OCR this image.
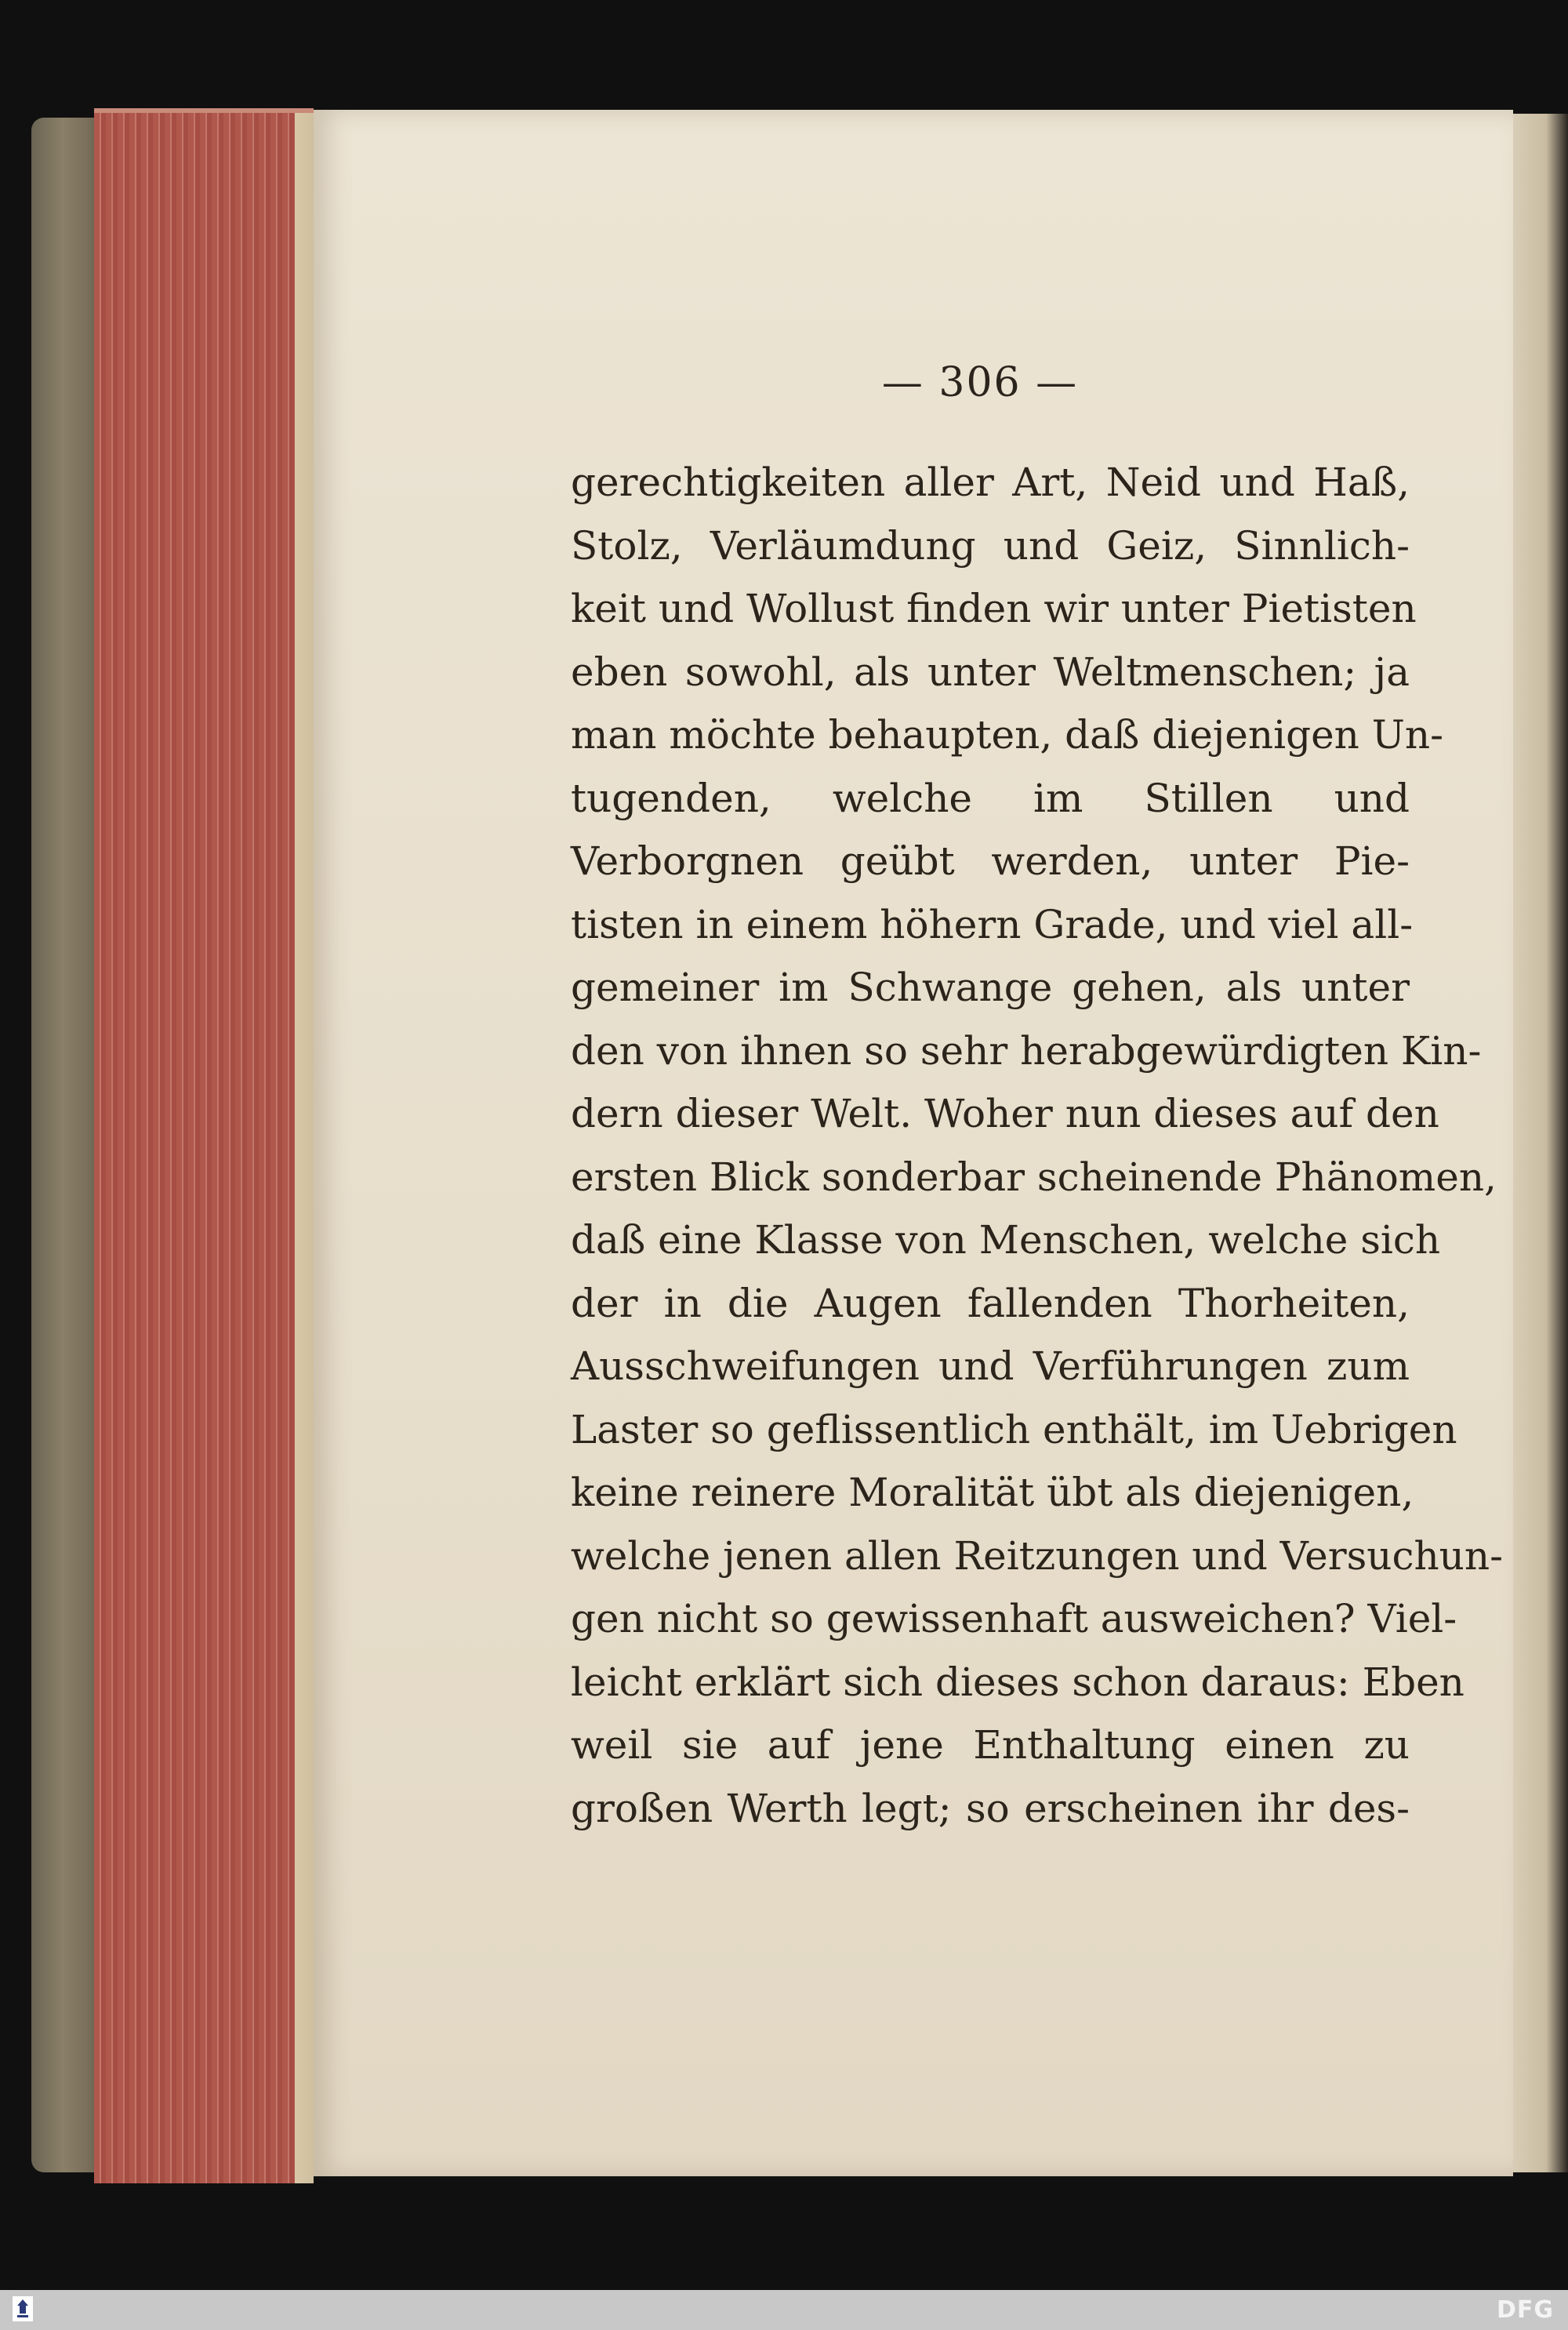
— 306 —
gerechtigkeiten aller Art, Neid und Haß,
Stolz, Verläumdung und Geiz, Sinnlich-
keit und Wollust finden wir unter Pietisten
eben sowohl, als unter Weltmenschen; ja
man möchte behaupten, daß diejenigen Un-
tugenden, welche im Stillen und
Verborgnen geübt werden, unter Pie-
tisten in einem höhern Grade, und viel all-
gemeiner im Schwange gehen, als unter
den von ihnen so sehr herabgewürdigten Kin-
dern dieser Welt. Woher nun dieses auf den
ersten Blick sonderbar scheinende Phänomen,
daß eine Klasse von Menschen, welche sich
der in die Augen fallenden Thorheiten,
Ausschweifungen und Verführungen zum
Laster so geflissentlich enthält, im Uebrigen
keine reinere Moralität übt als diejenigen,
welche jenen allen Reitzungen und Versuchun-
gen nicht so gewissenhaft ausweichen? Viel-
leicht erklärt sich dieses schon daraus: Eben
weil sie auf jene Enthaltung einen zu
großen Werth legt; so erscheinen ihr des-
DFG
